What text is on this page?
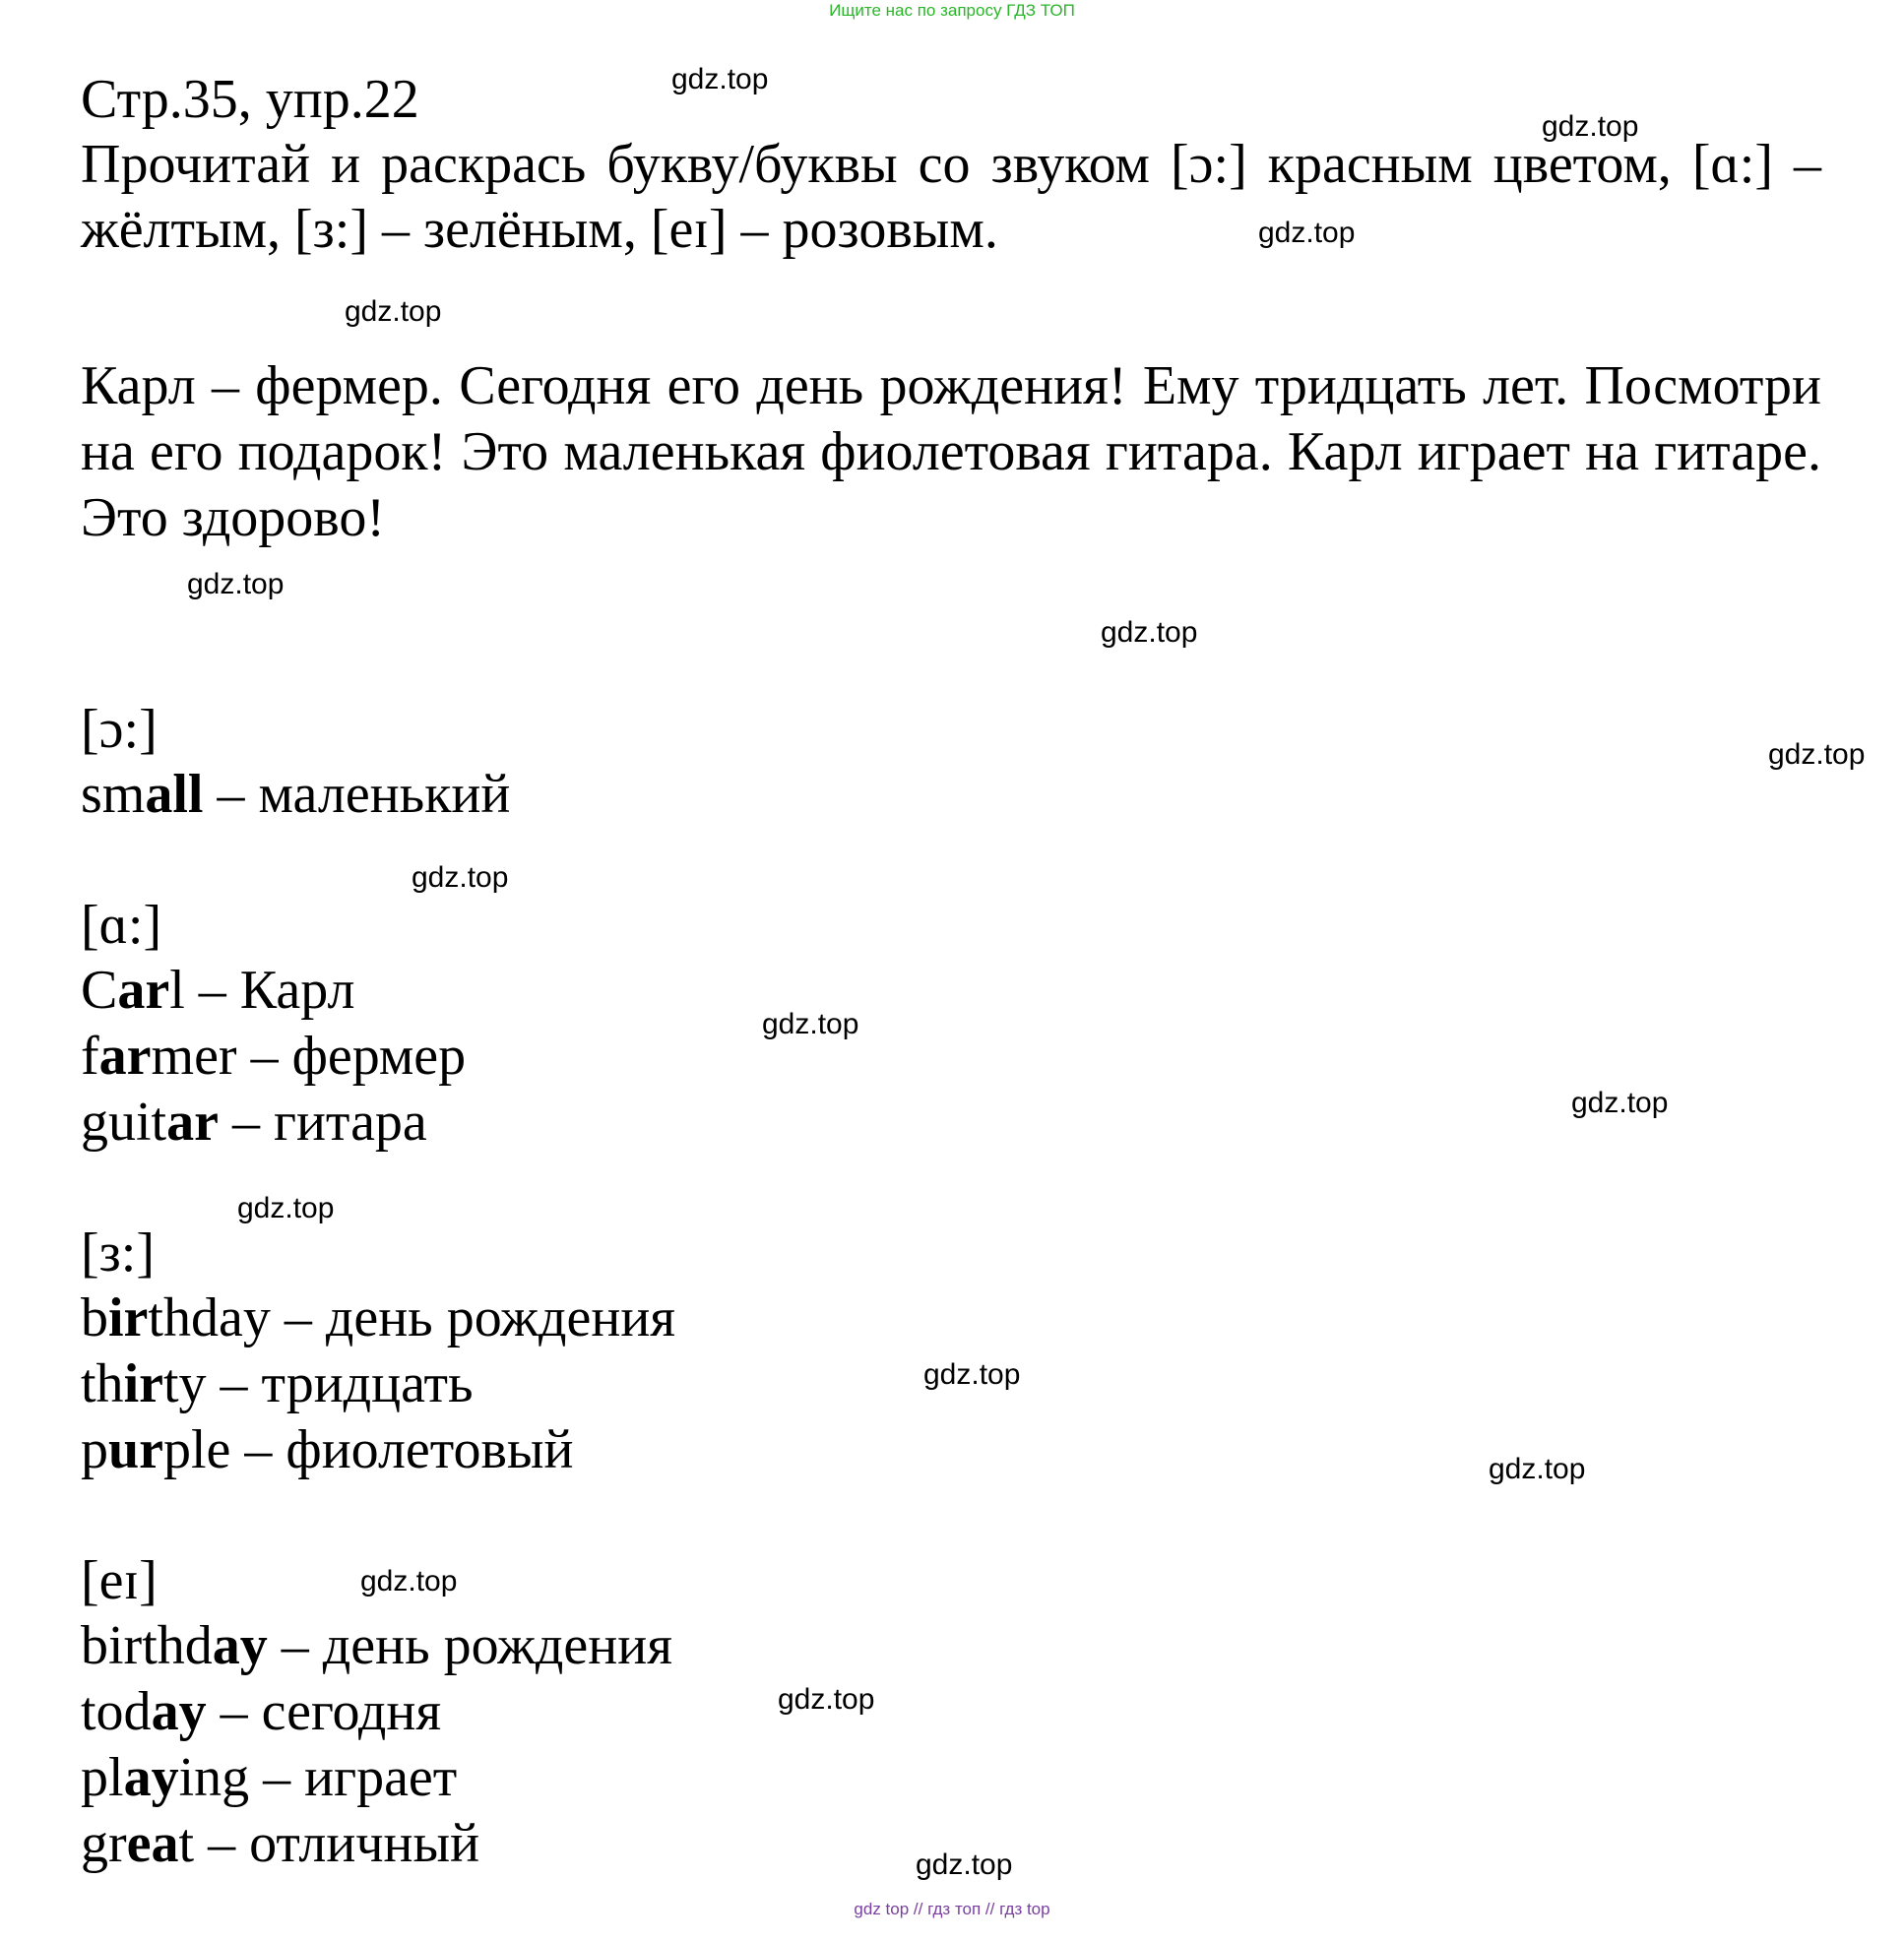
Ищите нас по запросу ГДЗ ТОП
Стр.35, упр.22

Прочитай и раскрась букву/буквы со звуком [ɔ:] красным цветом, [ɑ:] – жёлтым, [з:] – зелёным, [eɪ] – розовым.

Карл – фермер. Сегодня его день рождения! Ему тридцать лет. Посмотри на его подарок! Это маленькая фиолетовая гитара. Карл играет на гитаре. Это здорово!

[ɔ:]
small – маленький
[ɑ:]
Carl – Карл
farmer – фермер
guitar – гитара
[з:]
birthday – день рождения
thirty – тридцать
purple – фиолетовый
[eɪ]
birthday – день рождения
today – сегодня
playing – играет
great – отличный
gdz.top
gdz.top
gdz.top
gdz.top
gdz.top
gdz.top
gdz.top
gdz.top
gdz.top
gdz.top
gdz.top
gdz.top
gdz.top
gdz.top
gdz.top
gdz.top
gdz top // гдз топ // гдз top
